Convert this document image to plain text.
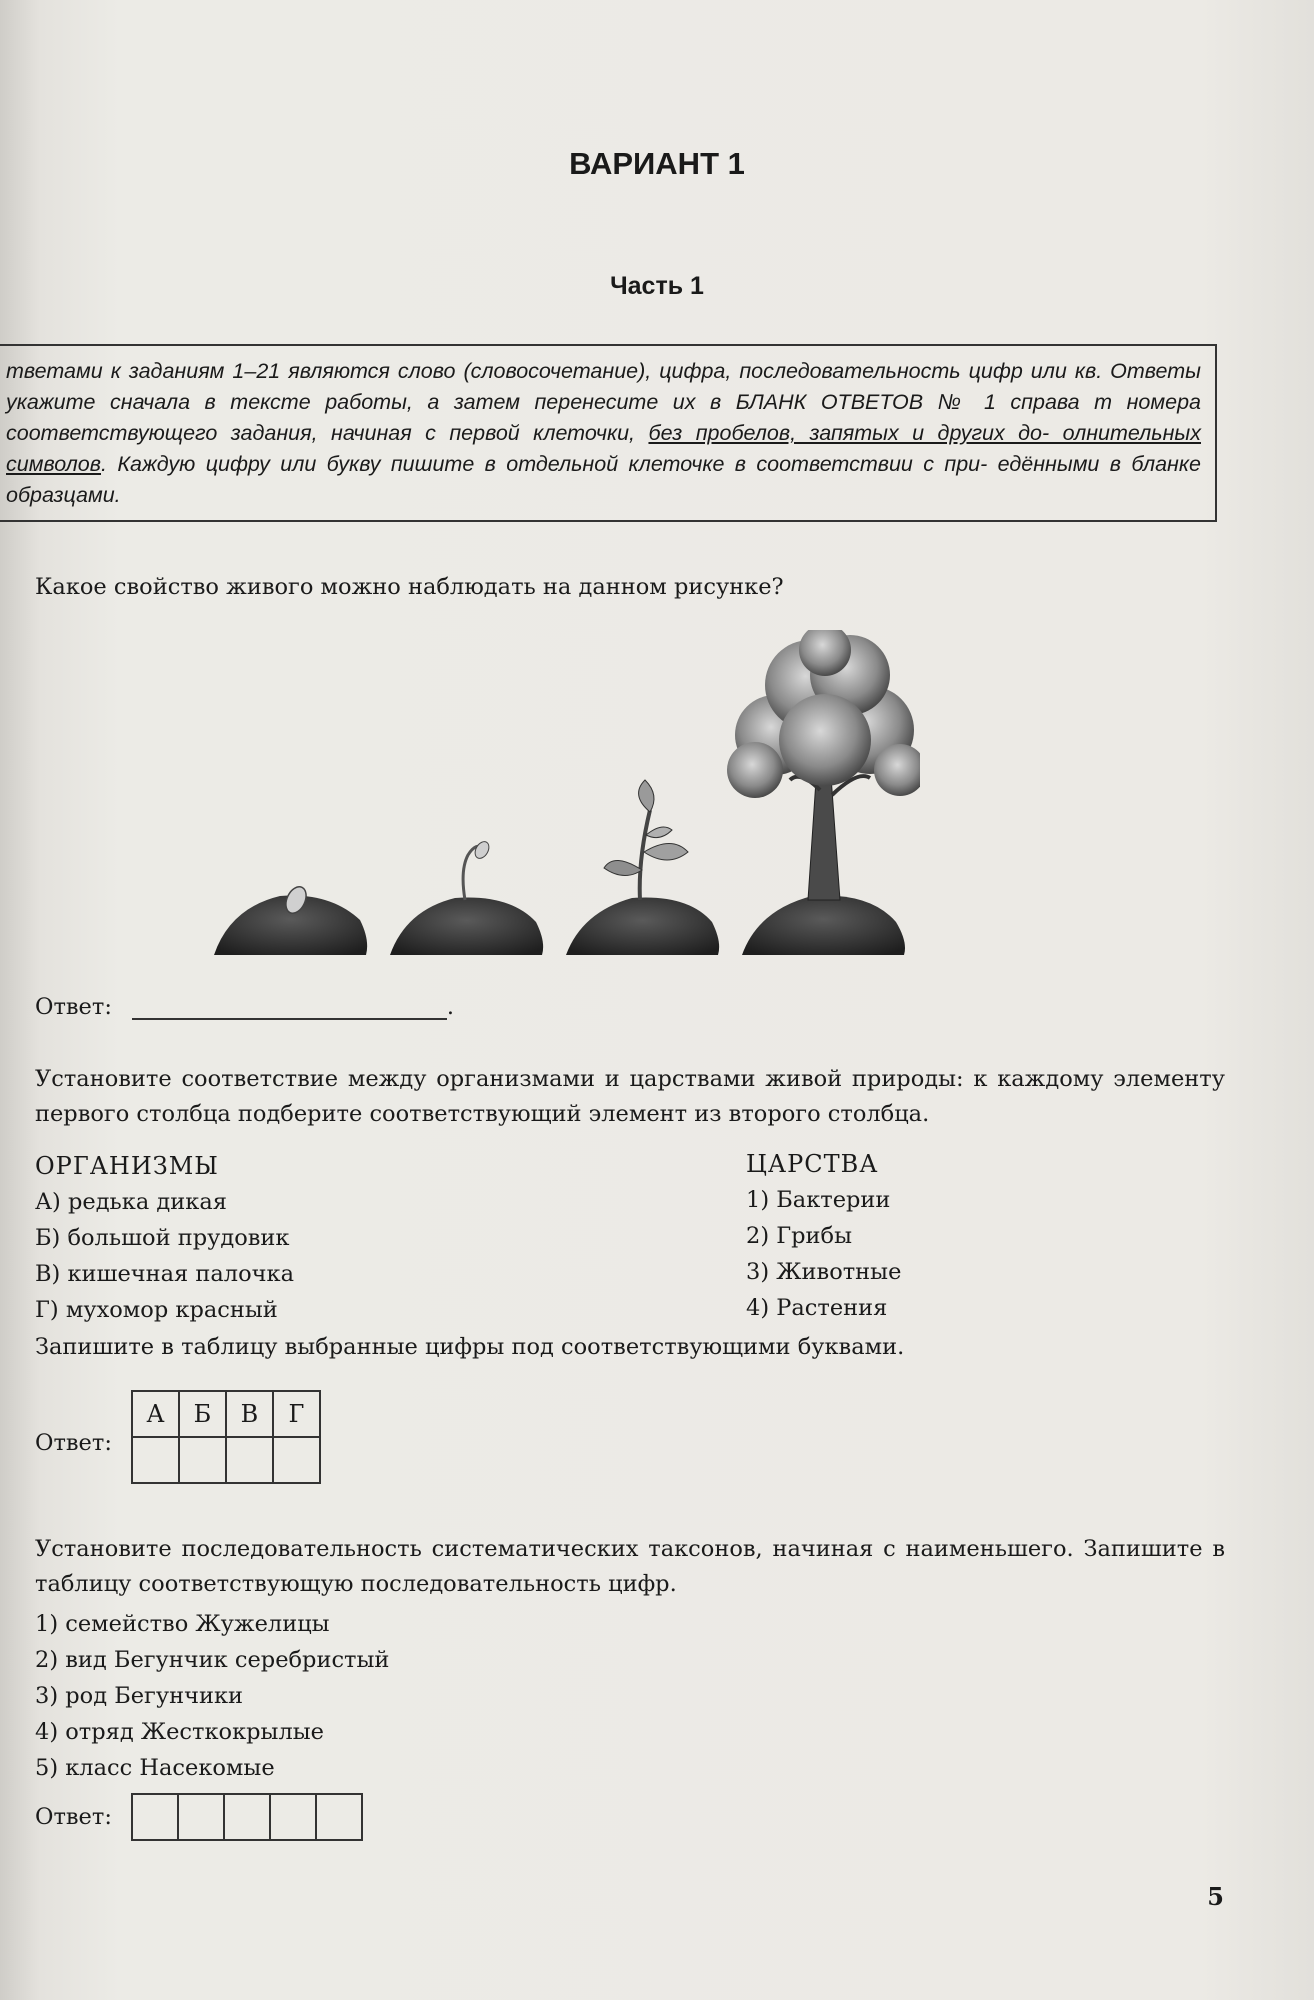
ВАРИАНТ 1
Часть 1
тветами к заданиям 1–21 являются слово (словосочетание), цифра, последовательность цифр или кв. Ответы укажите сначала в тексте работы, а затем перенесите их в БЛАНК ОТВЕТОВ № 1 справа т номера соответствующего задания, начиная с первой клеточки, без пробелов, запятых и других до- олнительных символов. Каждую цифру или букву пишите в отдельной клеточке в соответствии с при- едёнными в бланке образцами.
Какое свойство живого можно наблюдать на данном рисунке?
Ответ:	.
Установите соответствие между организмами и царствами живой природы: к каждому элементу первого столбца подберите соответствующий элемент из второго столбца.
ОРГАНИЗМЫ
А) редька дикая
Б) большой прудовик
В) кишечная палочка
Г) мухомор красный
ЦАРСТВА
1) Бактерии
2) Грибы
3) Животные
4) Растения
Запишите в таблицу выбранные цифры под соответствующими буквами.
Ответ:
А	Б	В	Г

Установите последовательность систематических таксонов, начиная с наименьшего. Запишите в таблицу соответствующую последовательность цифр.
1) семейство Жужелицы
2) вид Бегунчик серебристый
3) род Бегунчики
4) отряд Жесткокрылые
5) класс Насекомые
Ответ:

5
